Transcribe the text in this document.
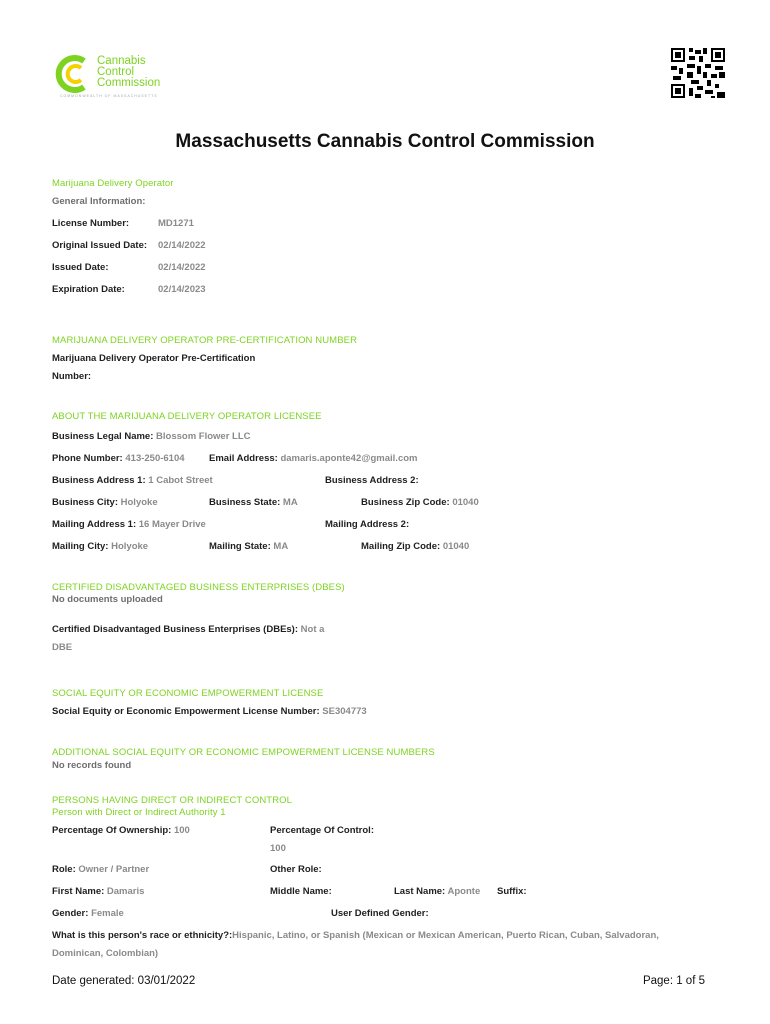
Cannabis
Control
Commission
COMMONWEALTH OF MASSACHUSETTS
Massachusetts Cannabis Control Commission
Marijuana Delivery Operator
General Information:
License Number:	MD1271
Original Issued Date: 02/14/2022
Issued Date:	02/14/2022
Expiration Date:	02/14/2023
MARIJUANA DELIVERY OPERATOR PRE-CERTIFICATION NUMBER
Marijuana Delivery Operator Pre-Certification
Number:
ABOUT THE MARIJUANA DELIVERY OPERATOR LICENSEE
Business Legal Name: Blossom Flower LLC
Phone Number: 413-250-6104	Email Address: damaris.aponte42@gmail.com
Business Address 1: 1 Cabot Street	Business Address 2:
Business City: Holyoke	Business State: MA	Business Zip Code: 01040
Mailing Address 1: 16 Mayer Drive	Mailing Address 2:
Mailing City: Holyoke	Mailing State: MA	Mailing Zip Code: 01040
CERTIFIED DISADVANTAGED BUSINESS ENTERPRISES (DBES)
No documents uploaded
Certified Disadvantaged Business Enterprises (DBEs): Not a
DBE
SOCIAL EQUITY OR ECONOMIC EMPOWERMENT LICENSE
Social Equity or Economic Empowerment License Number: SE304773
ADDITIONAL SOCIAL EQUITY OR ECONOMIC EMPOWERMENT LICENSE NUMBERS
No records found
PERSONS HAVING DIRECT OR INDIRECT CONTROL
Person with Direct or Indirect Authority 1
Percentage Of Ownership: 100	Percentage Of Control:
100
Role: Owner / Partner	Other Role:
First Name: Damaris	Middle Name:	Last Name: Aponte Suffix:
Gender: Female	User Defined Gender:
What is this person's race or ethnicity?:Hispanic, Latino, or Spanish (Mexican or Mexican American, Puerto Rican, Cuban, Salvadoran,
Dominican, Colombian)
Date generated: 03/01/2022	Page: 1 of 5
